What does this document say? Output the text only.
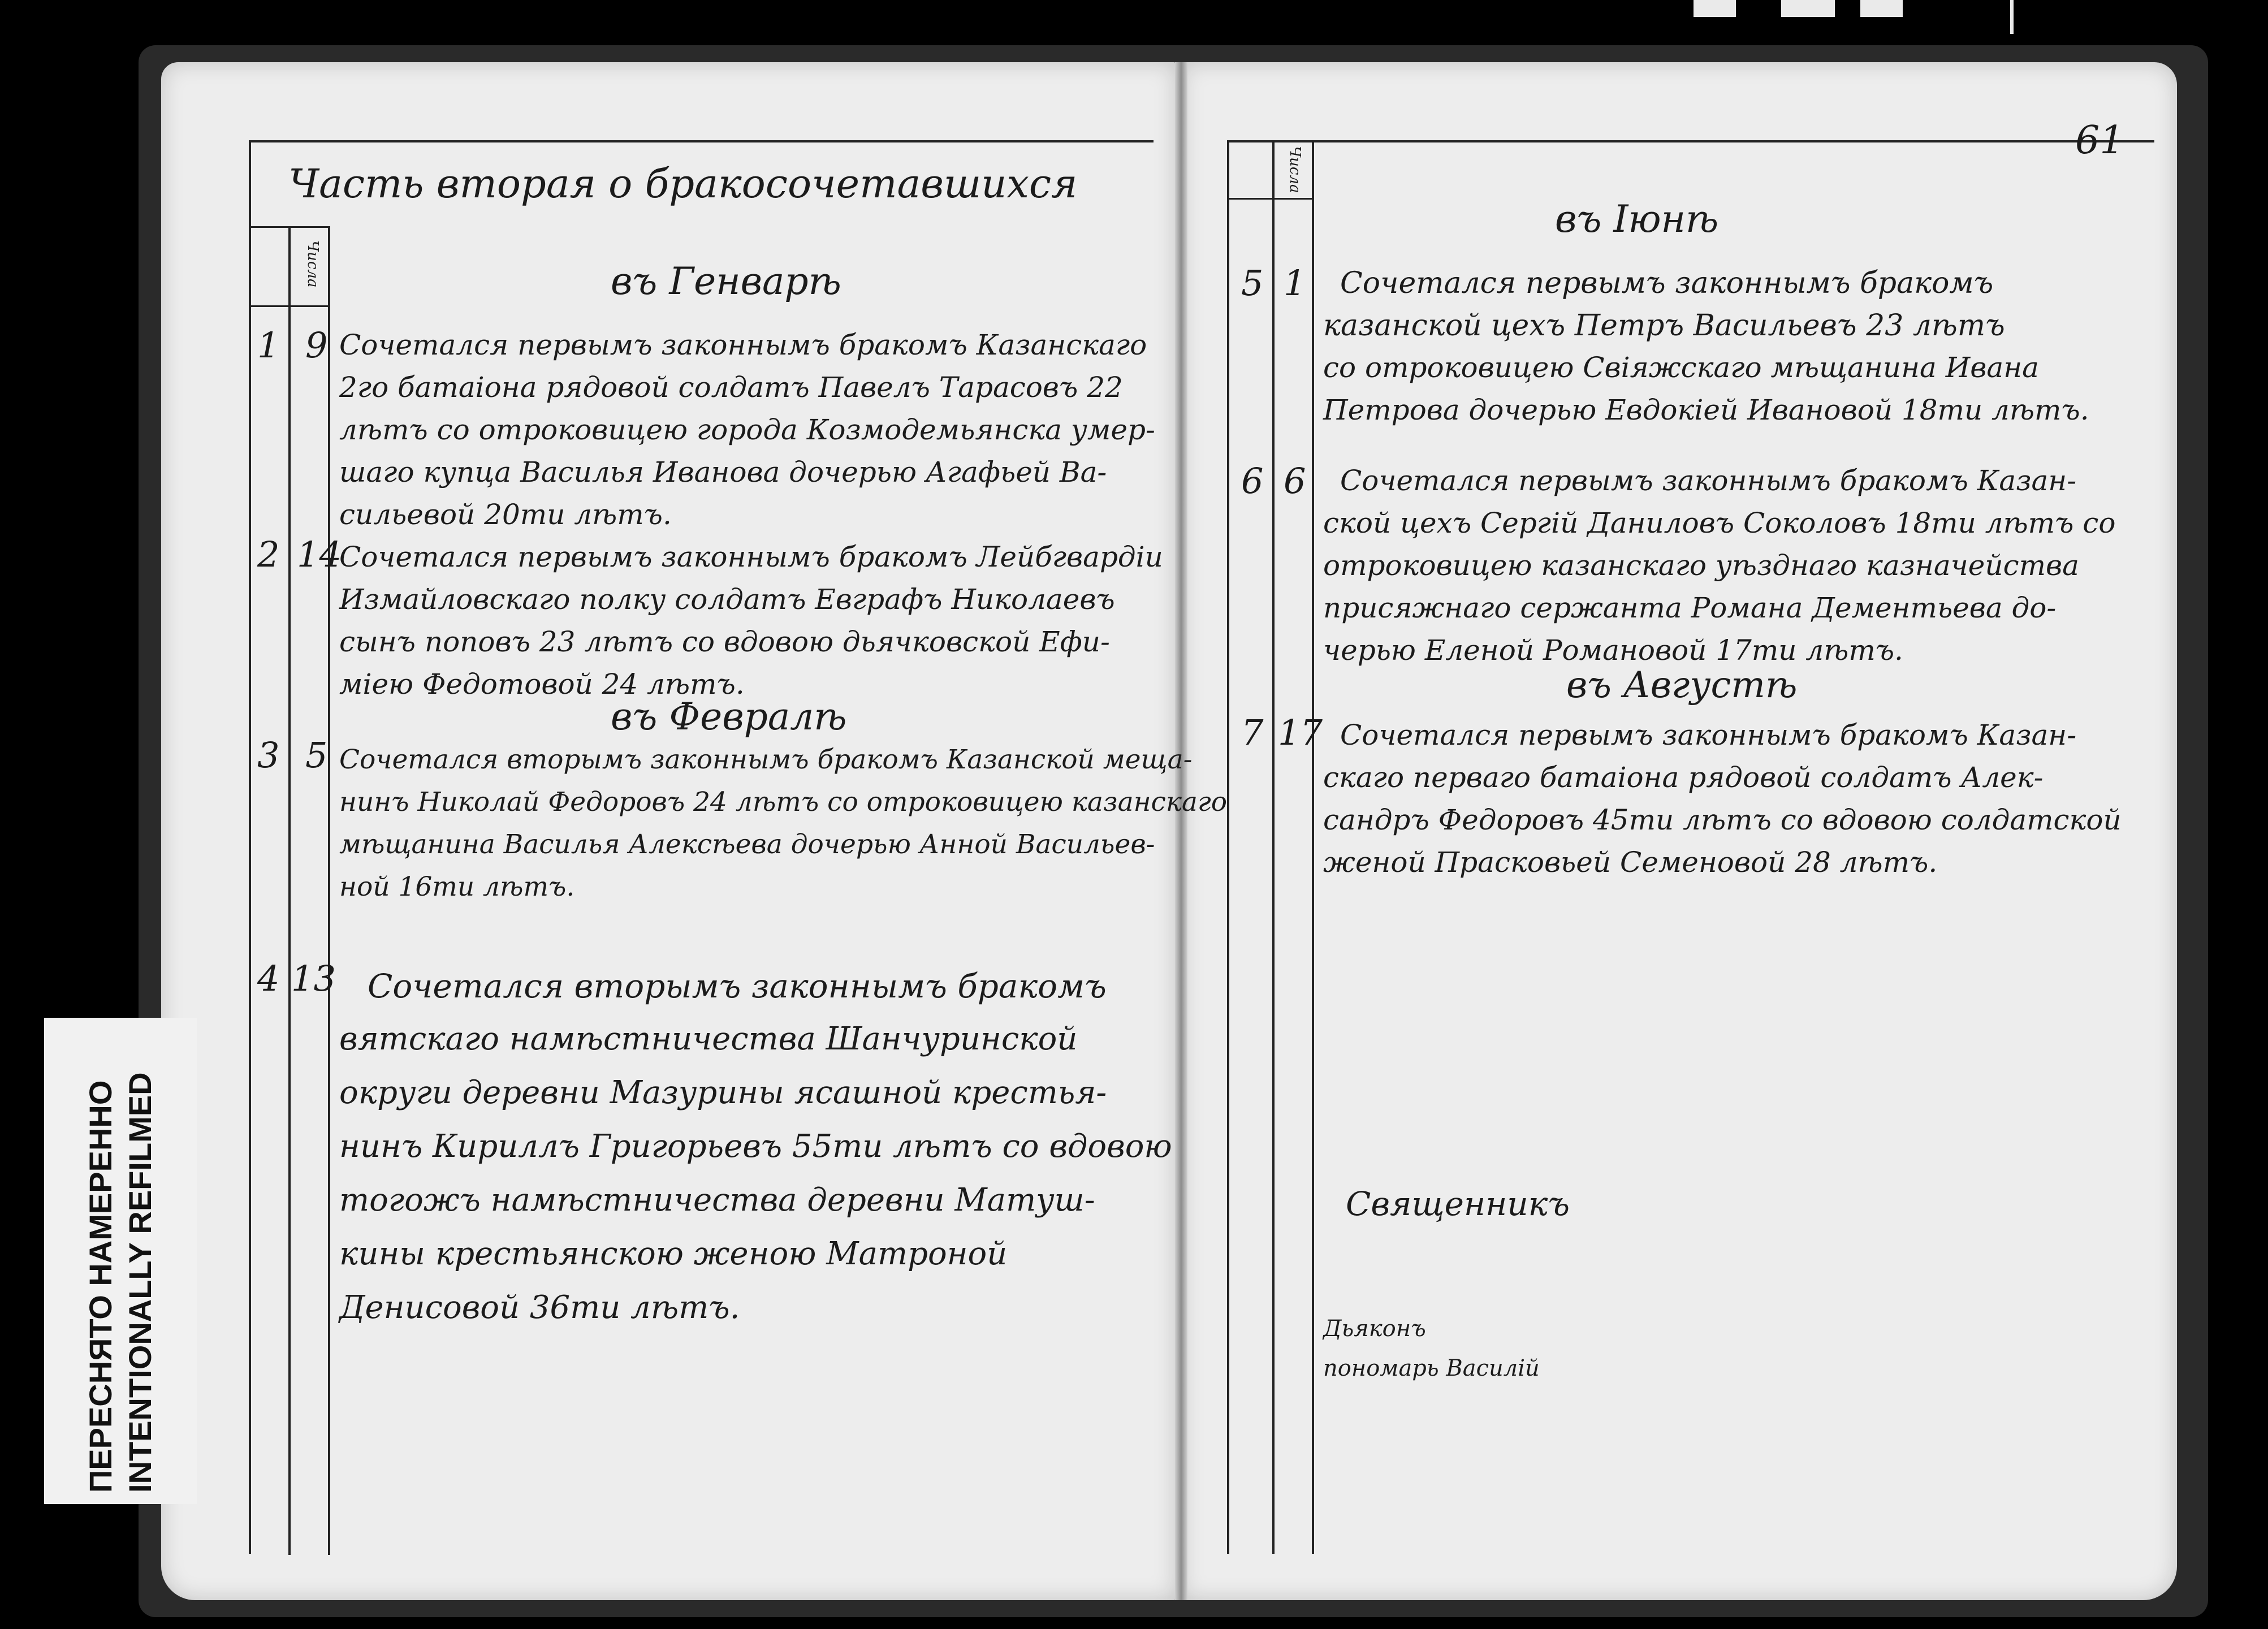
61
Часть вторая о бракосочетавшихся
Числа	въ Генварѣ
1 9 Сочетался первымъ законнымъ бракомъ Казанскаго
2го батаіона рядовой солдатъ Павелъ Тарасовъ 22
лѣтъ со отроковицею города Козмодемьянска умер-
шаго купца Василья Иванова дочерью Агафьей Ва-
сильевой 20ти лѣтъ.
2 14
Сочетался первымъ законнымъ бракомъ Лейбгвардіи
Измайловскаго полку солдатъ Евграфъ Николаевъ
сынъ поповъ 23 лѣтъ со вдовою дьячковской Ефи-
міею Федотовой 24 лѣтъ.
въ Февралѣ
3 5 Сочетался вторымъ законнымъ бракомъ Казанской меща-
нинъ Николай Федоровъ 24 лѣтъ со отроковицею казанскаго
мѣщанина Василья Алексѣева дочерью Анной Васильев-
ной 16ти лѣтъ.
4 13 Сочетался вторымъ законнымъ бракомъ
вятскаго намѣстничества Шанчуринской
округи деревни Мазурины ясашной крестья-
нинъ Кириллъ Григорьевъ 55ти лѣтъ со вдовою
тогожъ намѣстничества деревни Матуш-
кины крестьянскою женою Матроной
Денисовой 36ти лѣтъ.
Числа
въ Іюнѣ
5 1 Сочетался первымъ законнымъ бракомъ
казанской цехъ Петръ Васильевъ 23 лѣтъ
со отроковицею Свіяжскаго мѣщанина Ивана
Петрова дочерью Евдокіей Ивановой 18ти лѣтъ.
6 6 Сочетался первымъ законнымъ бракомъ Казан-
ской цехъ Сергій Даниловъ Соколовъ 18ти лѣтъ со
отроковицею казанскаго уѣзднаго казначейства
присяжнаго сержанта Романа Дементьева до-
черью Еленой Романовой 17ти лѣтъ.
въ Августѣ
7 17 Сочетался первымъ законнымъ бракомъ Казан-
скаго перваго батаіона рядовой солдатъ Алек-
сандръ Федоровъ 45ти лѣтъ со вдовою солдатской
женой Прасковьей Семеновой 28 лѣтъ.
Священникъ
Дьяконъ
пономарь Василій
ПЕРЕСНЯТО НАМЕРЕННО INTENTIONALLY REFILMED
